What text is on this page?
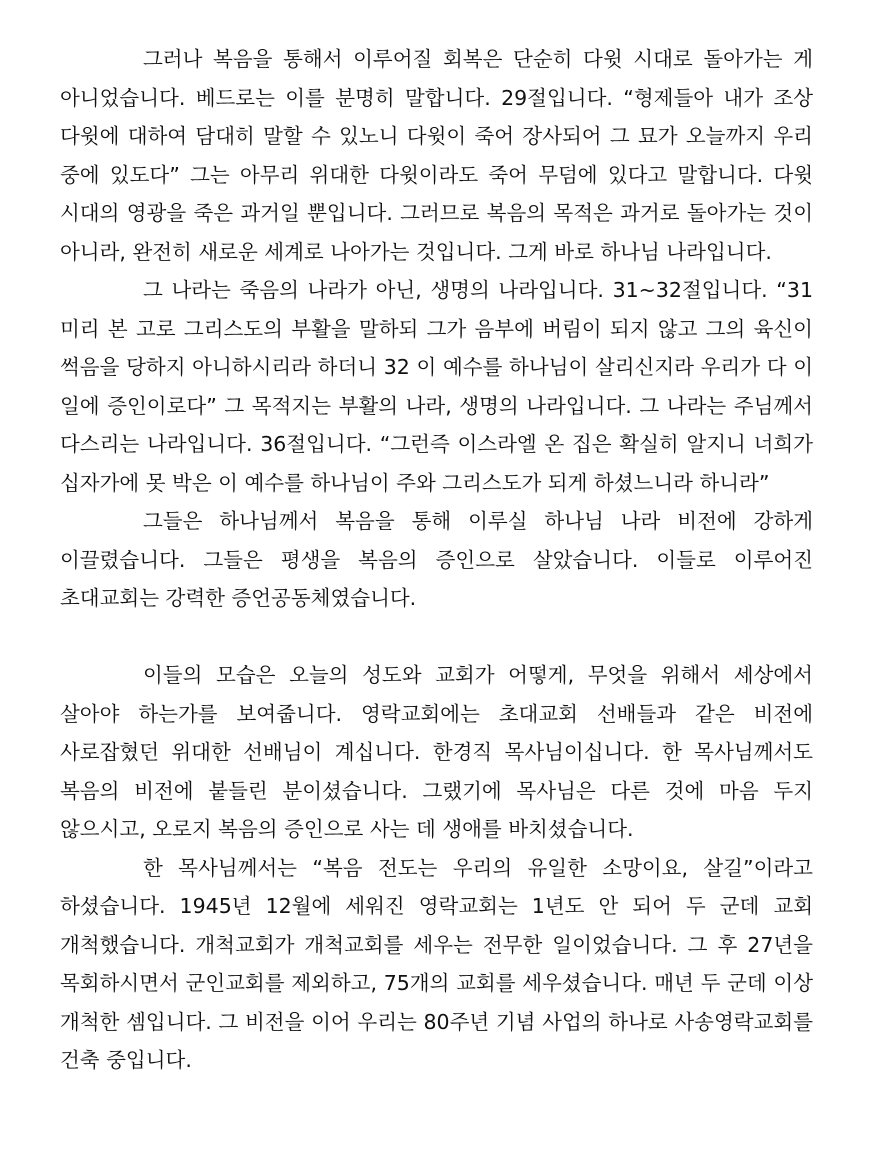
그러나 복음을 통해서 이루어질 회복은 단순히 다윗 시대로 돌아가는 게 아니었습니다. 베드로는 이를 분명히 말합니다. 29절입니다. “형제들아 내가 조상 다윗에 대하여 담대히 말할 수 있노니 다윗이 죽어 장사되어 그 묘가 오늘까지 우리 중에 있도다” 그는 아무리 위대한 다윗이라도 죽어 무덤에 있다고 말합니다. 다윗 시대의 영광을 죽은 과거일 뿐입니다. 그러므로 복음의 목적은 과거로 돌아가는 것이 아니라, 완전히 새로운 세계로 나아가는 것입니다. 그게 바로 하나님 나라입니다.

그 나라는 죽음의 나라가 아닌, 생명의 나라입니다. 31~32절입니다. “31 미리 본 고로 그리스도의 부활을 말하되 그가 음부에 버림이 되지 않고 그의 육신이 썩음을 당하지 아니하시리라 하더니 32 이 예수를 하나님이 살리신지라 우리가 다 이 일에 증인이로다” 그 목적지는 부활의 나라, 생명의 나라입니다. 그 나라는 주님께서 다스리는 나라입니다. 36절입니다. “그런즉 이스라엘 온 집은 확실히 알지니 너희가 십자가에 못 박은 이 예수를 하나님이 주와 그리스도가 되게 하셨느니라 하니라”

그들은 하나님께서 복음을 통해 이루실 하나님 나라 비전에 강하게 이끌렸습니다. 그들은 평생을 복음의 증인으로 살았습니다. 이들로 이루어진 초대교회는 강력한 증언공동체였습니다.

이들의 모습은 오늘의 성도와 교회가 어떻게, 무엇을 위해서 세상에서 살아야 하는가를 보여줍니다. 영락교회에는 초대교회 선배들과 같은 비전에 사로잡혔던 위대한 선배님이 계십니다. 한경직 목사님이십니다. 한 목사님께서도 복음의 비전에 붙들린 분이셨습니다. 그랬기에 목사님은 다른 것에 마음 두지 않으시고, 오로지 복음의 증인으로 사는 데 생애를 바치셨습니다.

한 목사님께서는 “복음 전도는 우리의 유일한 소망이요, 살길”이라고 하셨습니다. 1945년 12월에 세워진 영락교회는 1년도 안 되어 두 군데 교회 개척했습니다. 개척교회가 개척교회를 세우는 전무한 일이었습니다. 그 후 27년을 목회하시면서 군인교회를 제외하고, 75개의 교회를 세우셨습니다. 매년 두 군데 이상 개척한 셈입니다. 그 비전을 이어 우리는 80주년 기념 사업의 하나로 사송영락교회를 건축 중입니다.
